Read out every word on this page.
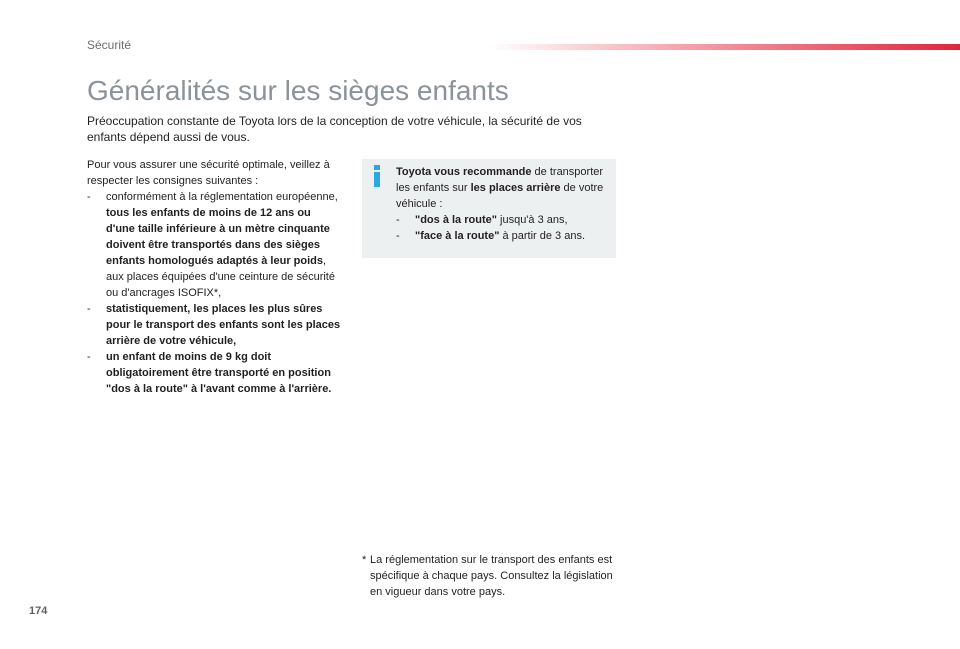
Sécurité
Généralités sur les sièges enfants

Préoccupation constante de Toyota lors de la conception de votre véhicule, la sécurité de vos enfants dépend aussi de vous.

Pour vous assurer une sécurité optimale, veillez à respecter les consignes suivantes :

- conformément à la réglementation européenne, tous les enfants de moins de 12 ans ou d'une taille inférieure à un mètre cinquante doivent être transportés dans des sièges enfants homologués adaptés à leur poids, aux places équipées d'une ceinture de sécurité ou d'ancrages ISOFIX*,
- statistiquement, les places les plus sûres pour le transport des enfants sont les places arrière de votre véhicule,
- un enfant de moins de 9 kg doit obligatoirement être transporté en position "dos à la route" à l'avant comme à l'arrière.

Toyota vous recommande de transporter les enfants sur les places arrière de votre véhicule :

- "dos à la route" jusqu'à 3 ans,
- "face à la route" à partir de 3 ans.
* La réglementation sur le transport des enfants est spécifique à chaque pays. Consultez la législation en vigueur dans votre pays.
174
